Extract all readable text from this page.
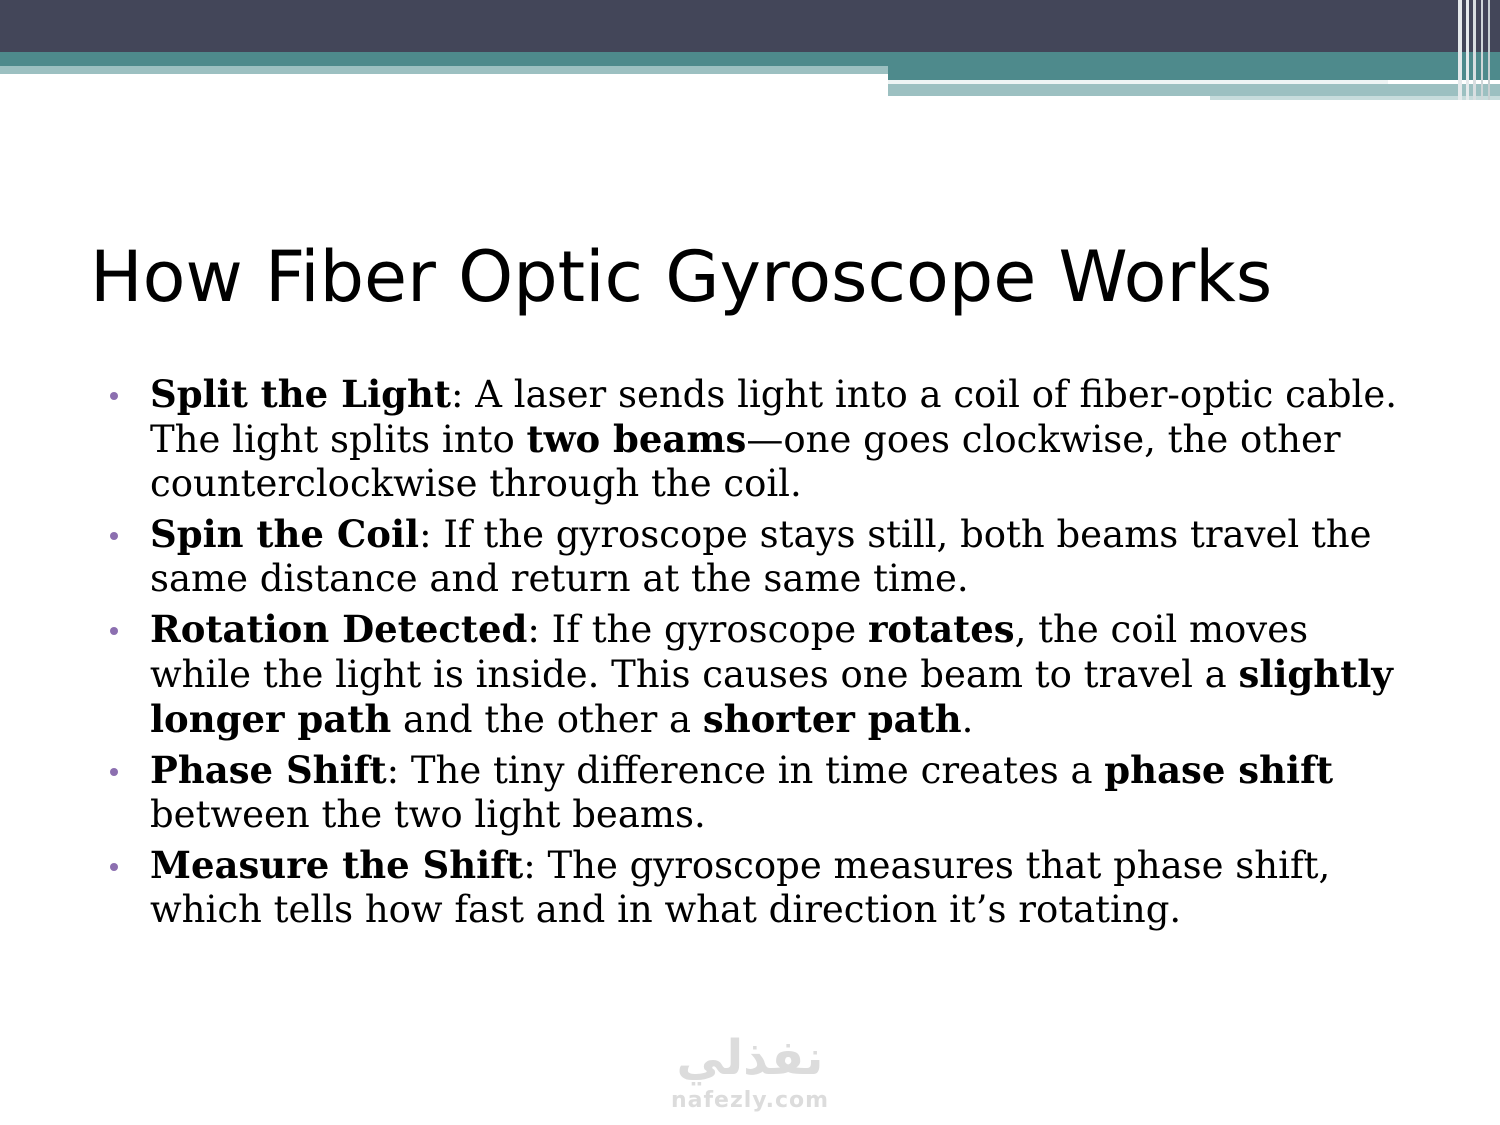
How Fiber Optic Gyroscope Works
Split the Light: A laser sends light into a coil of fiber-optic cable. The light splits into two beams—one goes clockwise, the other counterclockwise through the coil.
Spin the Coil: If the gyroscope stays still, both beams travel the same distance and return at the same time.
Rotation Detected: If the gyroscope rotates, the coil moves while the light is inside. This causes one beam to travel a slightly longer path and the other a shorter path.
Phase Shift: The tiny difference in time creates a phase shift between the two light beams.
Measure the Shift: The gyroscope measures that phase shift, which tells how fast and in what direction it’s rotating.
نفذلي
nafezly.com
